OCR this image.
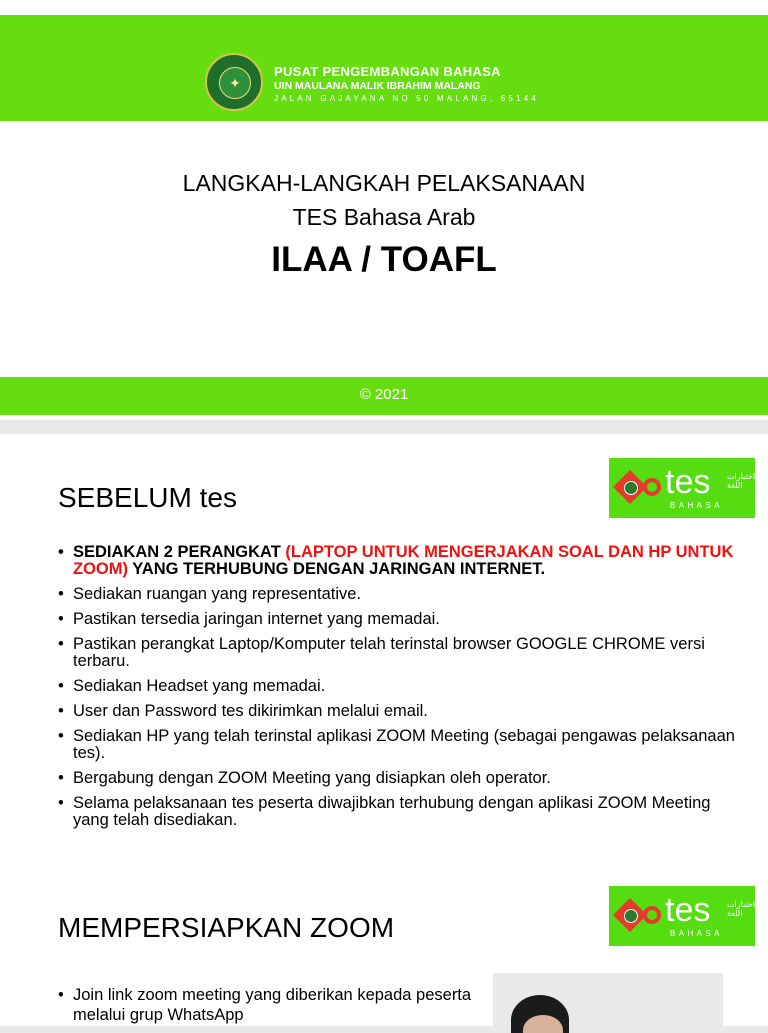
✦
PUSAT PENGEMBANGAN BAHASA
UIN MAULANA MALIK IBRAHIM MALANG
JALAN GAJAYANA NO 50 MALANG, 65144
LANGKAH-LANGKAH PELAKSANAAN
TES Bahasa Arab
ILAA / TOAFL
© 2021
tes
BAHASA
اختبارات اللغة
SEBELUM tes
• SEDIAKAN 2 PERANGKAT (LAPTOP UNTUK MENGERJAKAN SOAL DAN HP UNTUK ZOOM) YANG TERHUBUNG DENGAN JARINGAN INTERNET.
• Sediakan ruangan yang representative.
• Pastikan tersedia jaringan internet yang memadai.
• Pastikan perangkat Laptop/Komputer telah terinstal browser GOOGLE CHROME versi terbaru.
• Sediakan Headset yang memadai.
• User dan Password tes dikirimkan melalui email.
• Sediakan HP yang telah terinstal aplikasi ZOOM Meeting (sebagai pengawas pelaksanaan tes).
• Bergabung dengan ZOOM Meeting yang disiapkan oleh operator.
• Selama pelaksanaan tes peserta diwajibkan terhubung dengan aplikasi ZOOM Meeting yang telah disediakan.
tes
BAHASA
اختبارات اللغة
MEMPERSIAPKAN ZOOM
• Join link zoom meeting yang diberikan kepada peserta melalui grup WhatsApp
